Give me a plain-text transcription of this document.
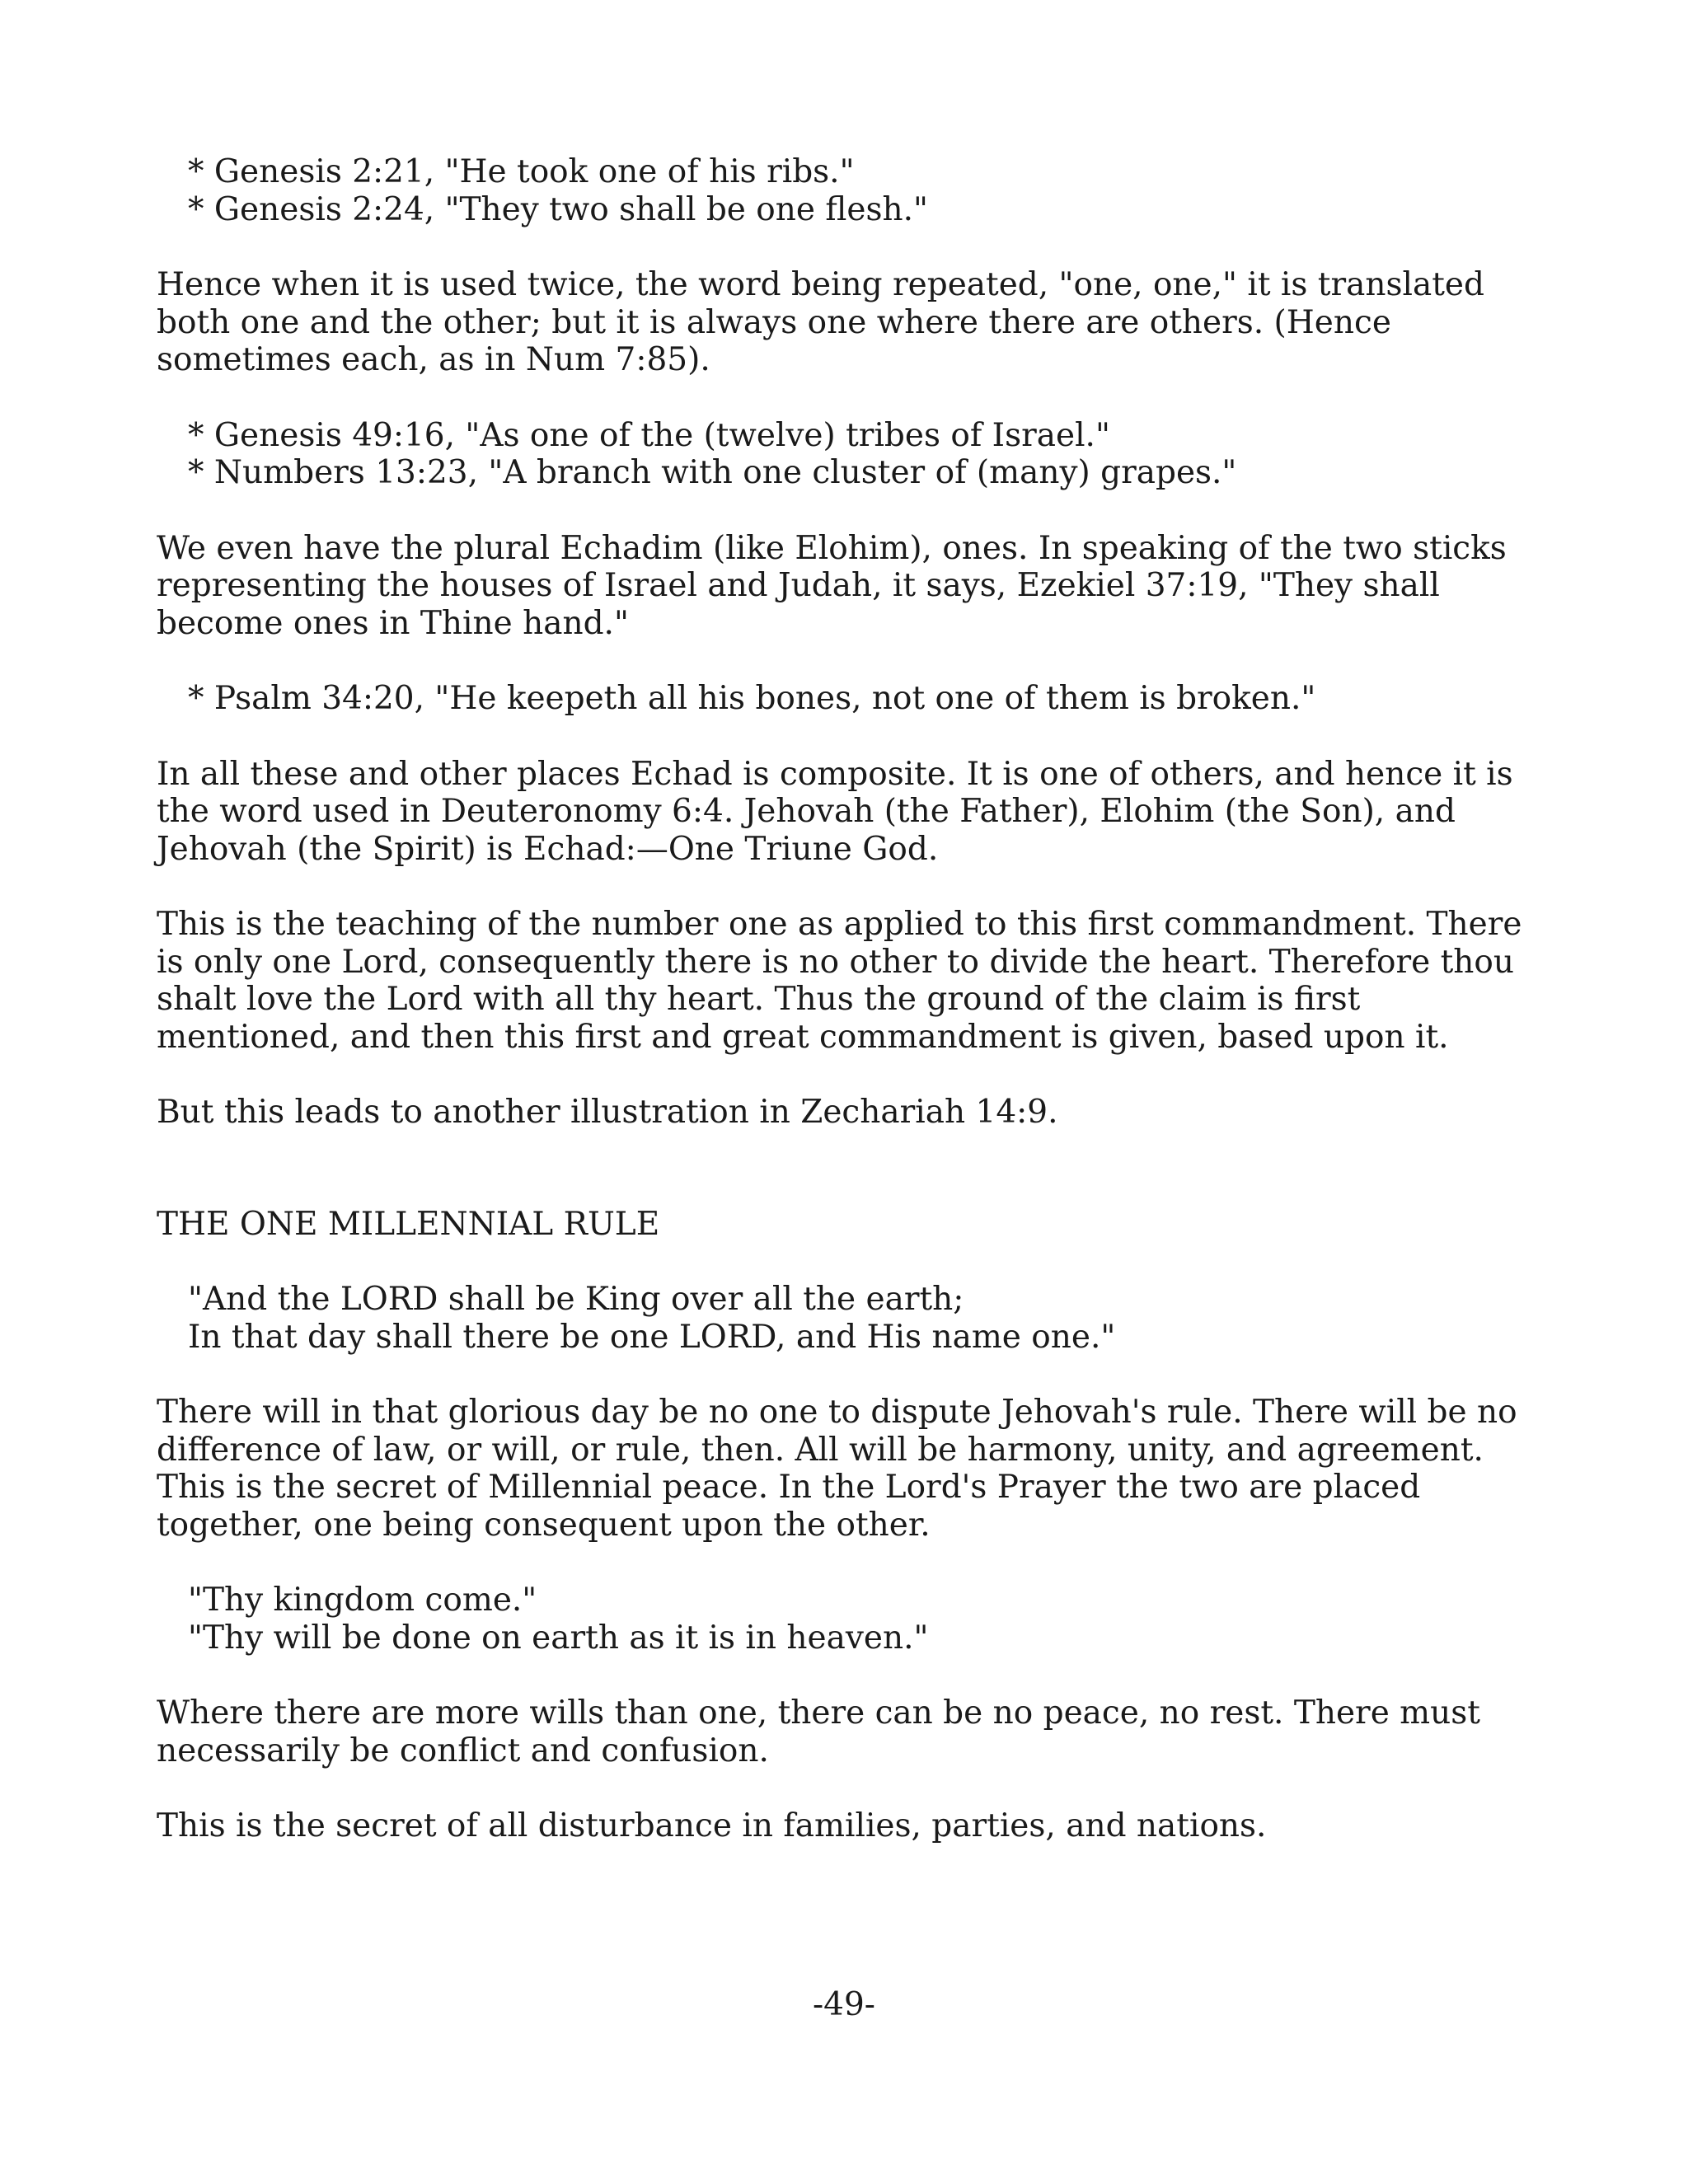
* Genesis 2:21, "He took one of his ribs."
* Genesis 2:24, "They two shall be one flesh."

Hence when it is used twice, the word being repeated, "one, one," it is translated both one and the other; but it is always one where there are others. (Hence sometimes each, as in Num 7:85).

* Genesis 49:16, "As one of the (twelve) tribes of Israel."
* Numbers 13:23, "A branch with one cluster of (many) grapes."

We even have the plural Echadim (like Elohim), ones. In speaking of the two sticks representing the houses of Israel and Judah, it says, Ezekiel 37:19, "They shall become ones in Thine hand."

* Psalm 34:20, "He keepeth all his bones, not one of them is broken."

In all these and other places Echad is composite. It is one of others, and hence it is the word used in Deuteronomy 6:4. Jehovah (the Father), Elohim (the Son), and Jehovah (the Spirit) is Echad:—One Triune God.

This is the teaching of the number one as applied to this first commandment. There is only one Lord, consequently there is no other to divide the heart. Therefore thou shalt love the Lord with all thy heart. Thus the ground of the claim is first mentioned, and then this first and great commandment is given, based upon it.

But this leads to another illustration in Zechariah 14:9.

THE ONE MILLENNIAL RULE

"And the LORD shall be King over all the earth;
In that day shall there be one LORD, and His name one."

There will in that glorious day be no one to dispute Jehovah's rule. There will be no difference of law, or will, or rule, then. All will be harmony, unity, and agreement. This is the secret of Millennial peace. In the Lord's Prayer the two are placed together, one being consequent upon the other.

"Thy kingdom come."
"Thy will be done on earth as it is in heaven."

Where there are more wills than one, there can be no peace, no rest. There must necessarily be conflict and confusion.

This is the secret of all disturbance in families, parties, and nations.

-49-
